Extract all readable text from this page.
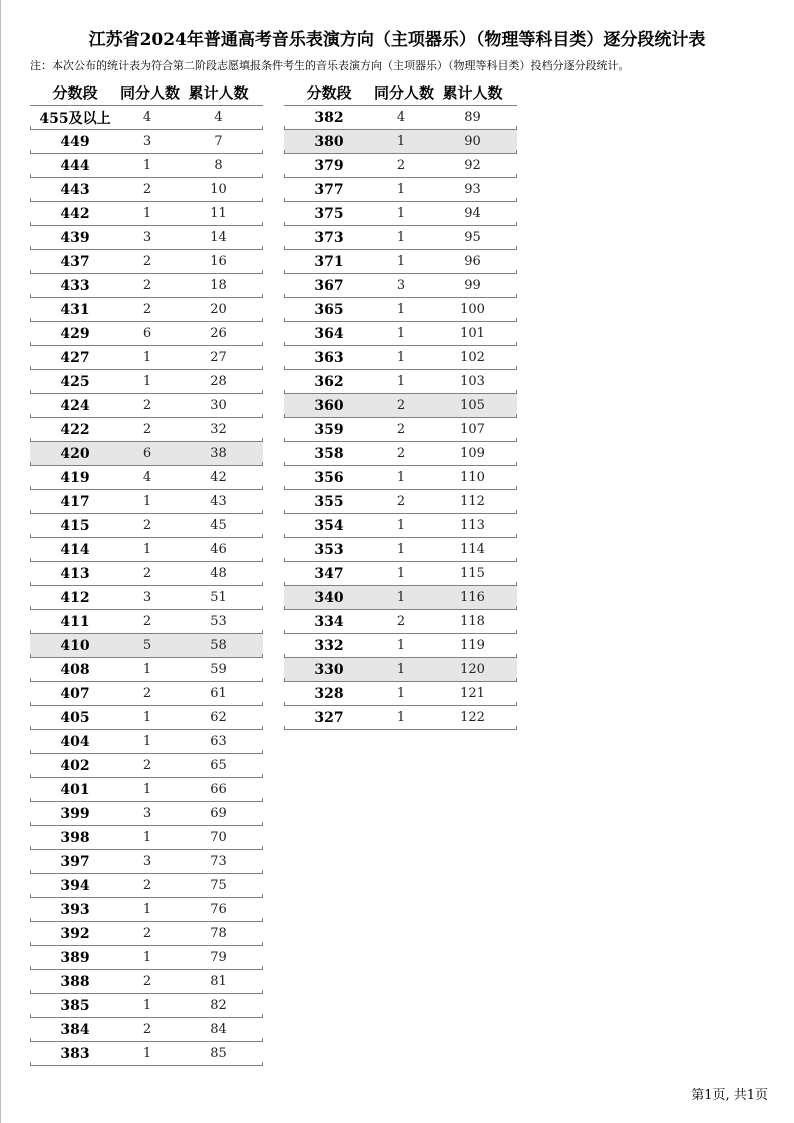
江苏省2024年普通高考音乐表演方向（主项器乐）（物理等科目类）逐分段统计表
注：本次公布的统计表为符合第二阶段志愿填报条件考生的音乐表演方向（主项器乐）（物理等科目类）投档分逐分段统计。
分数段	同分人数 累计人数
455及以上	4	4
449	3	7
444	1	8
443	2	10
442	1	11
439	3	14
437	2	16
433	2	18
431	2	20
429	6	26
427	1	27
425	1	28
424	2	30
422	2	32
420	6	38
419	4	42
417	1	43
415	2	45
414	1	46
413	2	48
412	3	51
411	2	53
410	5	58
408	1	59
407	2	61
405	1	62
404	1	63
402	2	65
401	1	66
399	3	69
398	1	70
397	3	73
394	2	75
393	1	76
392	2	78
389	1	79
388	2	81
385	1	82
384	2	84
383	1	85
分数段	同分人数 累计人数
382	4	89
380	1	90
379	2	92
377	1	93
375	1	94
373	1	95
371	1	96
367	3	99
365	1	100
364	1	101
363	1	102
362	1	103
360	2	105
359	2	107
358	2	109
356	1	110
355	2	112
354	1	113
353	1	114
347	1	115
340	1	116
334	2	118
332	1	119
330	1	120
328	1	121
327	1	122
第1页, 共1页
